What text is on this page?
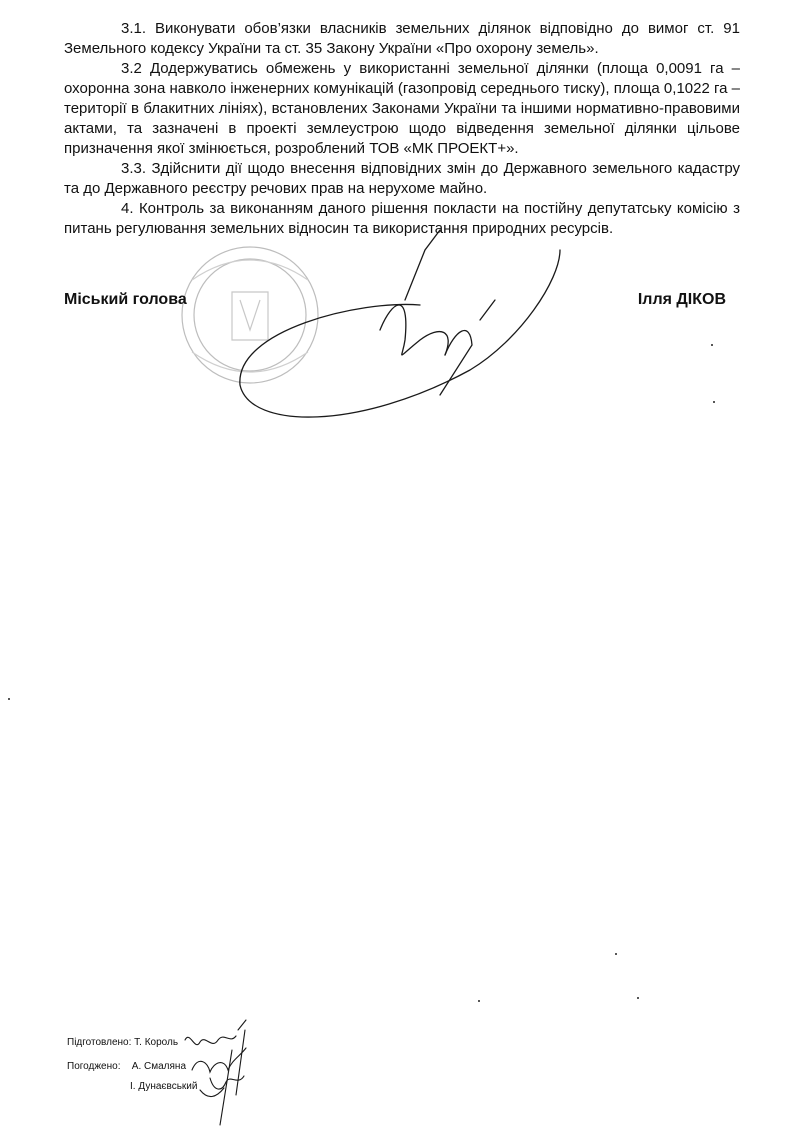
3.1. Виконувати обов’язки власників земельних ділянок відповідно до вимог ст. 91 Земельного кодексу України та ст. 35 Закону України «Про охорону земель».

3.2 Додержуватись обмежень у використанні земельної ділянки (площа 0,0091 га – охоронна зона навколо інженерних комунікацій (газопровід середнього тиску), площа 0,1022 га – території в блакитних лініях), встановлених Законами України та іншими нормативно-правовими актами, та зазначені в проекті землеустрою щодо відведення земельної ділянки цільове призначення якої змінюється, розроблений ТОВ «МК ПРОЕКТ+».

3.3. Здійснити дії щодо внесення відповідних змін до Державного земельного кадастру та до Державного реєстру речових прав на нерухоме майно.

4. Контроль за виконанням даного рішення покласти на постійну депутатську комісію з питань регулювання земельних відносин та використання природних ресурсів.

Міський голова	Ілля ДІКОВ
Підготовлено: Т. Король
Погоджено: А. Смаляна
І. Дунаєвський
